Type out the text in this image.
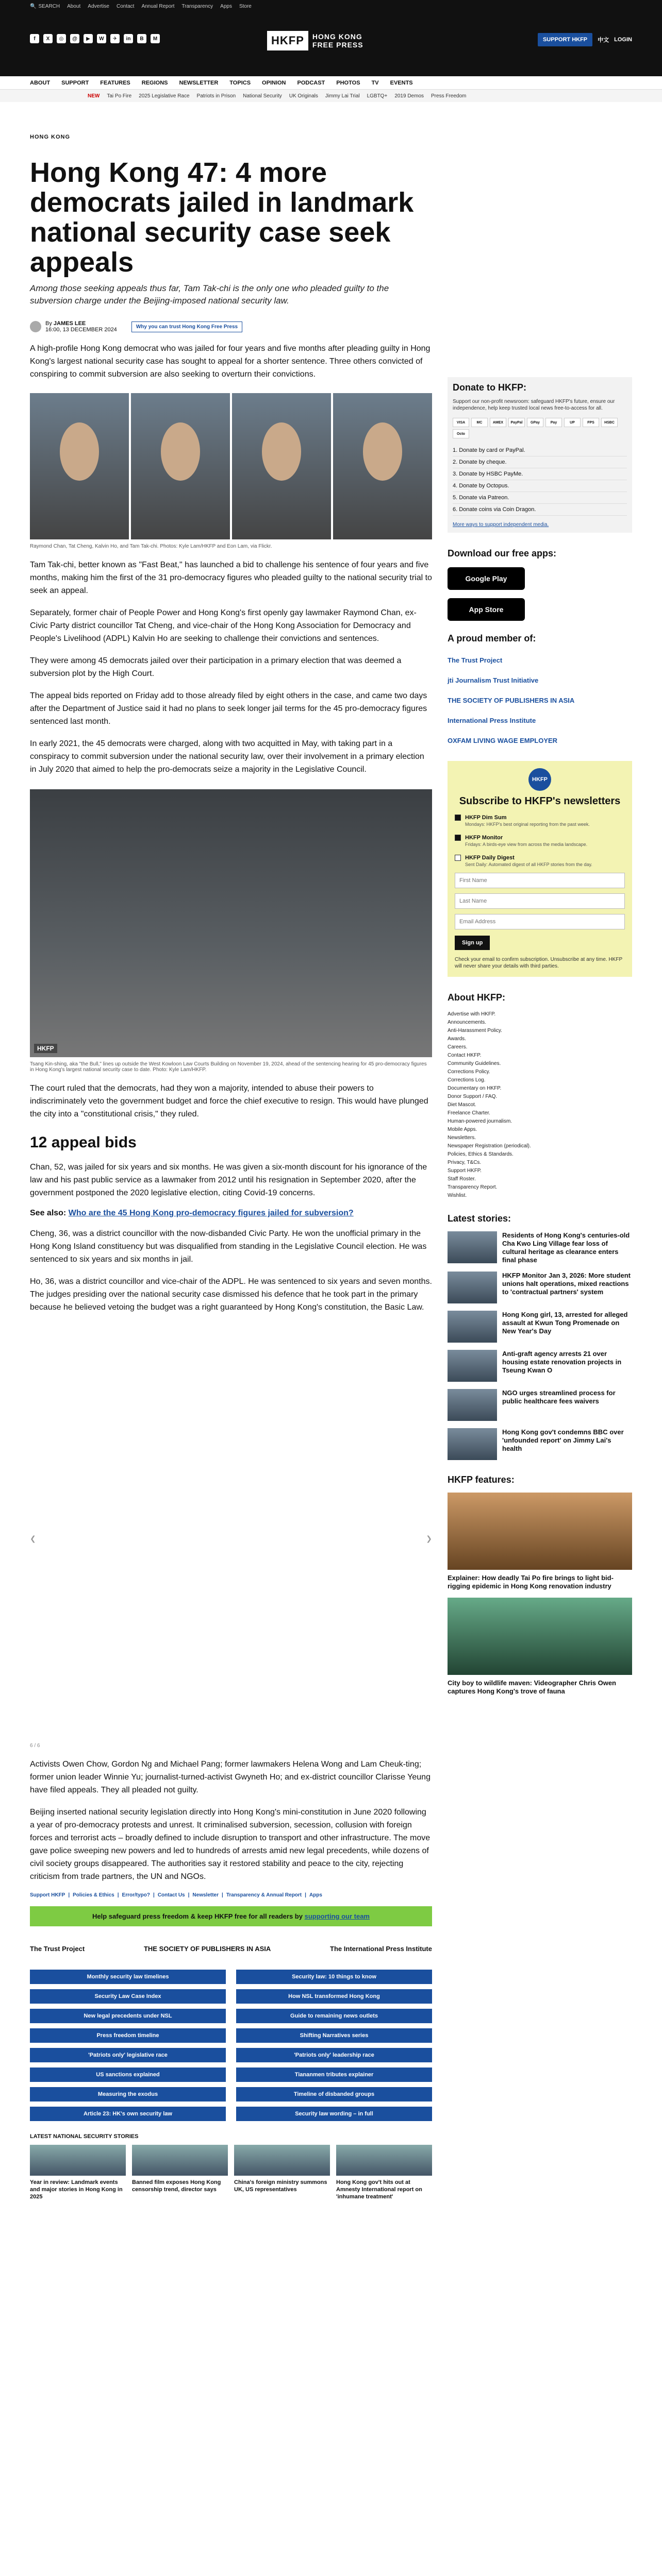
🔍 SEARCH About Advertise Contact Annual Report Transparency Apps Store
f	X	◎	@	▶	W	✈	in	B	M	HKFP	HONG KONG
FREE PRESS
SUPPORT HKFP	中文 LOGIN
ABOUT SUPPORT FEATURES REGIONS NEWSLETTER TOPICS OPINION PODCAST PHOTOS TV EVENTS
NEW Tai Po Fire 2025 Legislative Race Patriots in Prison National Security UK Originals Jimmy Lai Trial LGBTQ+ 2019 Demos Press Freedom
HONG KONG
Hong Kong 47: 4 more democrats jailed in landmark national security case seek appeals

Among those seeking appeals thus far, Tam Tak-chi is the only one who pleaded guilty to the subversion charge under the Beijing-imposed national security law.

By JAMES LEE
16:00, 13 DECEMBER 2024	Why you can trust Hong Kong Free Press

A high-profile Hong Kong democrat who was jailed for four years and five months after pleading guilty in Hong Kong's largest national security case has sought to appeal for a shorter sentence. Three others convicted of conspiring to commit subversion are also seeking to overturn their convictions.

Raymond Chan, Tat Cheng, Kalvin Ho, and Tam Tak-chi. Photos: Kyle Lam/HKFP and Eon Lam, via Flickr.

Tam Tak-chi, better known as "Fast Beat," has launched a bid to challenge his sentence of four years and five months, making him the first of the 31 pro-democracy figures who pleaded guilty to the national security trial to seek an appeal.

Separately, former chair of People Power and Hong Kong's first openly gay lawmaker Raymond Chan, ex-Civic Party district councillor Tat Cheng, and vice-chair of the Hong Kong Association for Democracy and People's Livelihood (ADPL) Kalvin Ho are seeking to challenge their convictions and sentences.

They were among 45 democrats jailed over their participation in a primary election that was deemed a subversion plot by the High Court.

The appeal bids reported on Friday add to those already filed by eight others in the case, and came two days after the Department of Justice said it had no plans to seek longer jail terms for the 45 pro-democracy figures sentenced last month.

In early 2021, the 45 democrats were charged, along with two acquitted in May, with taking part in a conspiracy to commit subversion under the national security law, over their involvement in a primary election in July 2020 that aimed to help the pro-democrats seize a majority in the Legislative Council.

HKFP
Tsang Kin-shing, aka "the Bull," lines up outside the West Kowloon Law Courts Building on November 19, 2024, ahead of the sentencing hearing for 45 pro-democracy figures in Hong Kong's largest national security case to date. Photo: Kyle Lam/HKFP.

The court ruled that the democrats, had they won a majority, intended to abuse their powers to indiscriminately veto the government budget and force the chief executive to resign. This would have plunged the city into a "constitutional crisis," they ruled.

12 appeal bids

Chan, 52, was jailed for six years and six months. He was given a six-month discount for his ignorance of the law and his past public service as a lawmaker from 2012 until his resignation in September 2020, after the government postponed the 2020 legislative election, citing Covid-19 concerns.

See also: Who are the 45 Hong Kong pro-democracy figures jailed for subversion?

Cheng, 36, was a district councillor with the now-disbanded Civic Party. He won the unofficial primary in the Hong Kong Island constituency but was disqualified from standing in the Legislative Council election. He was sentenced to six years and six months in jail.

Ho, 36, was a district councillor and vice-chair of the ADPL. He was sentenced to six years and seven months. The judges presiding over the national security case dismissed his defence that he took part in the primary because he believed vetoing the budget was a right guaranteed by Hong Kong's constitution, the Basic Law.

❮	❯
6 / 6

Activists Owen Chow, Gordon Ng and Michael Pang; former lawmakers Helena Wong and Lam Cheuk-ting; former union leader Winnie Yu; journalist-turned-activist Gwyneth Ho; and ex-district councillor Clarisse Yeung have filed appeals. They all pleaded not guilty.

Beijing inserted national security legislation directly into Hong Kong's mini-constitution in June 2020 following a year of pro-democracy protests and unrest. It criminalised subversion, secession, collusion with foreign forces and terrorist acts – broadly defined to include disruption to transport and other infrastructure. The move gave police sweeping new powers and led to hundreds of arrests amid new legal precedents, while dozens of civil society groups disappeared. The authorities say it restored stability and peace to the city, rejecting criticism from trade partners, the UN and NGOs.

Support HKFP | Policies & Ethics | Error/typo? | Contact Us | Newsletter | Transparency & Annual Report | Apps
Help safeguard press freedom & keep HKFP free for all readers by supporting our team
The Trust Project	THE SOCIETY OF PUBLISHERS IN ASIA	The International Press Institute
Monthly security law timelines	Security law: 10 things to know
Security Law Case Index	How NSL transformed Hong Kong
New legal precedents under NSL	Guide to remaining news outlets
Press freedom timeline	Shifting Narratives series
'Patriots only' legislative race	'Patriots only' leadership race
US sanctions explained	Tiananmen tributes explainer
Measuring the exodus	Timeline of disbanded groups
Article 23: HK's own security law	Security law wording – in full
LATEST NATIONAL SECURITY STORIES
Year in review: Landmark events and major stories in Hong Kong in 2025
Banned film exposes Hong Kong censorship trend, director says
China's foreign ministry summons UK, US representatives
Hong Kong gov't hits out at Amnesty International report on 'inhumane treatment'
Donate to HKFP:
Support our non-profit newsroom: safeguard HKFP's future, ensure our independence, help keep trusted local news free-to-access for all.
VISA	MC	AMEX	PayPal	GPay	Pay	UP	FPS	HSBC
Octo
1. Donate by card or PayPal.
2. Donate by cheque.
3. Donate by HSBC PayMe.
4. Donate by Octopus.
5. Donate via Patreon.
6. Donate coins via Coin Dragon.
More ways to support independent media.
Download our free apps:
Google Play
App Store
A proud member of:
The Trust Project
jti Journalism Trust Initiative
THE SOCIETY OF PUBLISHERS IN ASIA
International Press Institute
OXFAM LIVING WAGE EMPLOYER
HKFP
Subscribe to HKFP's newsletters
HKFP Dim Sum
Mondays: HKFP's best original reporting from the past week.
HKFP Monitor
Fridays: A birds-eye view from across the media landscape.
HKFP Daily Digest
Sent Daily: Automated digest of all HKFP stories from the day.
First Name Last Name Email Address Sign up
Check your email to confirm subscription. Unsubscribe at any time. HKFP will never share your details with third parties.
About HKFP:
Advertise with HKFP.
Announcements.
Anti-Harassment Policy.
Awards.
Careers.
Contact HKFP.
Community Guidelines.
Corrections Policy.
Corrections Log.
Documentary on HKFP.
Donor Support / FAQ.
Diet Mascot.
Freelance Charter.
Human-powered journalism.
Mobile Apps.
Newsletters.
Newspaper Registration (periodical).
Policies, Ethics & Standards.
Privacy, T&Cs.
Support HKFP.
Staff Roster.
Transparency Report.
Wishlist.
Latest stories:
Residents of Hong Kong's centuries-old Cha Kwo Ling Village fear loss of cultural heritage as clearance enters final phase
HKFP Monitor Jan 3, 2026: More student unions halt operations, mixed reactions to 'contractual partners' system
Hong Kong girl, 13, arrested for alleged assault at Kwun Tong Promenade on New Year's Day
Anti-graft agency arrests 21 over housing estate renovation projects in Tseung Kwan O
NGO urges streamlined process for public healthcare fees waivers
Hong Kong gov't condemns BBC over 'unfounded report' on Jimmy Lai's health
HKFP features:
Explainer: How deadly Tai Po fire brings to light bid-rigging epidemic in Hong Kong renovation industry
City boy to wildlife maven: Videographer Chris Owen captures Hong Kong's trove of fauna
